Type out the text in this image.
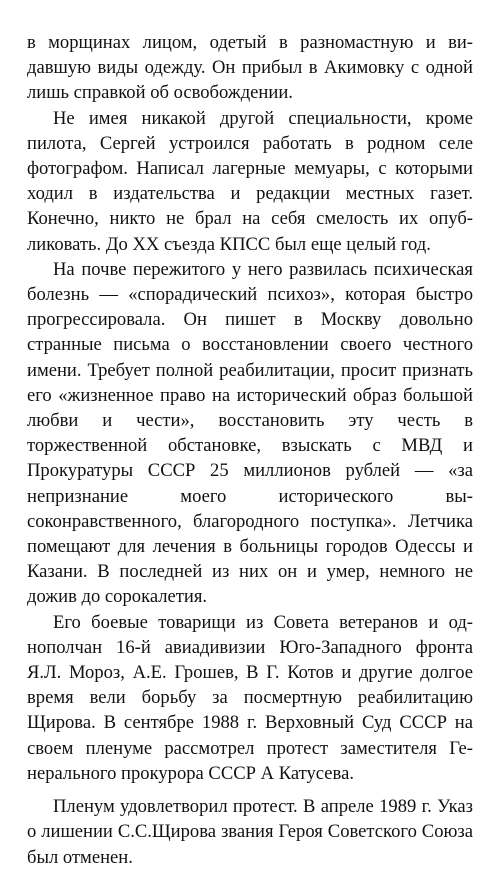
в морщинах лицом, одетый в разномастную и видавшую виды одежду. Он прибыл в Акимовку с одной лишь справкой об освобождении.

Не имея никакой другой специальности, кроме пилота, Сергей устроился работать в родном селе фотографом. Написал лагерные мемуары, с которыми ходил в издательства и редакции местных газет. Конечно, никто не брал на себя смелость их опубликовать. До XX съезда КПСС был еще целый год.

На почве пережитого у него развилась психическая болезнь — «спорадический психоз», которая быстро прогрессировала. Он пишет в Москву довольно странные письма о восстановлении своего честного имени. Требует полной реабилитации, просит признать его «жизненное право на исторический образ большой любви и чести», восстановить эту честь в торжественной обстановке, взыскать с МВД и Прокуратуры СССР 25 миллионов рублей — «за непризнание моего исторического высоконравственного, благородного поступка». Летчика помещают для лечения в больницы городов Одессы и Казани. В последней из них он и умер, немного не дожив до сорокалетия.

Его боевые товарищи из Совета ветеранов и однополчан 16-й авиадивизии Юго-Западного фронта Я.Л. Мороз, А.Е. Грошев, В Г. Котов и другие долгое время вели борьбу за посмертную реабилитацию Щирова. В сентябре 1988 г. Верховный Суд СССР на своем пленуме рассмотрел протест заместителя Генерального прокурора СССР А Катусева.

Пленум удовлетворил протест. В апреле 1989 г. Указ о лишении С.С.Щирова звания Героя Советского Союза был отменен.
